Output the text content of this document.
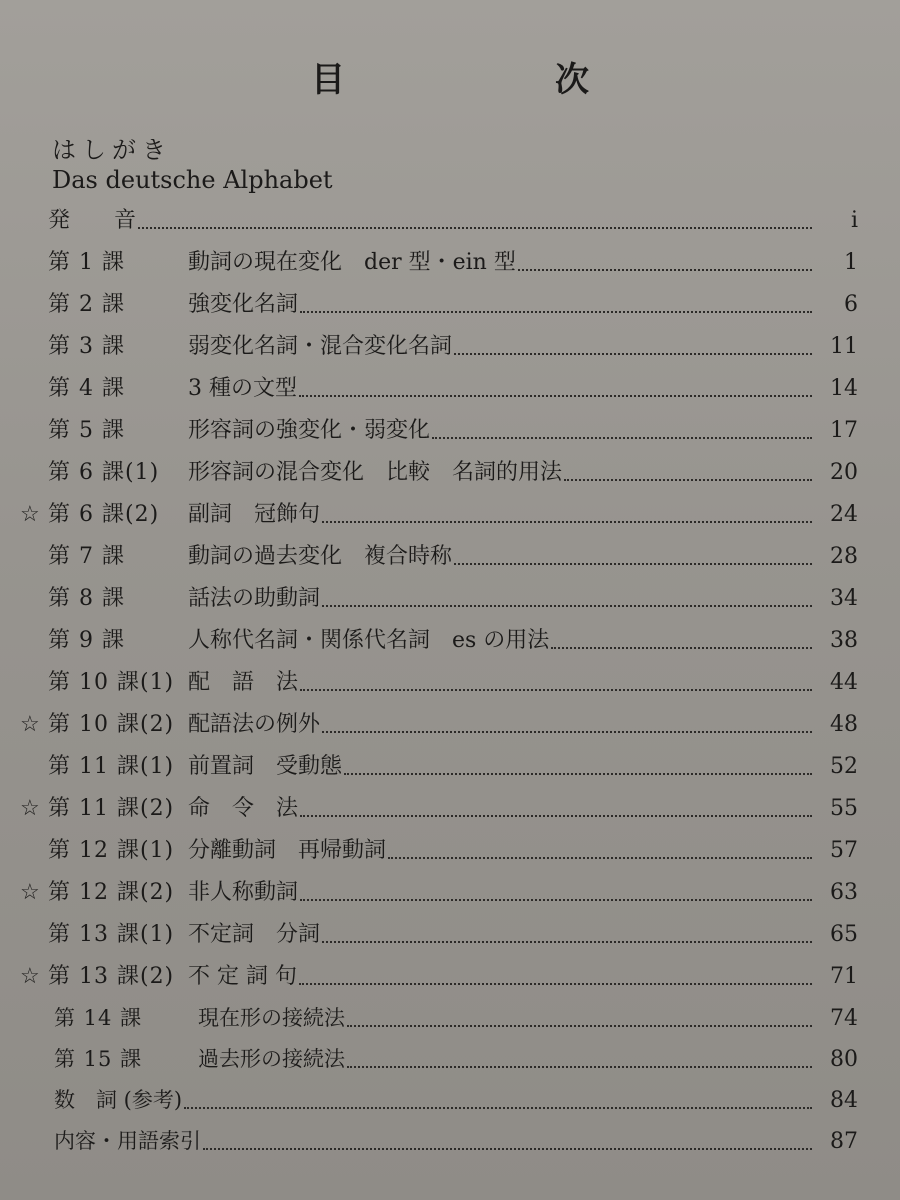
目　次
はしがき
Das deutsche Alphabet
発　　音	i
第 1 課	動詞の現在変化　der 型・ein 型	1
第 2 課	強変化名詞	6
第 3 課	弱変化名詞・混合変化名詞	11
第 4 課	3 種の文型	14
第 5 課	形容詞の強変化・弱変化	17
第 6 課(1)	形容詞の混合変化　比較　名詞的用法	20
☆ 第 6 課(2)	副詞　冠飾句	24
第 7 課	動詞の過去変化　複合時称	28
第 8 課	話法の助動詞	34
第 9 課	人称代名詞・関係代名詞　es の用法	38
第 10 課(1) 配　語　法	44
☆ 第 10 課(2) 配語法の例外	48
第 11 課(1) 前置詞　受動態	52
☆ 第 11 課(2) 命　令　法	55
第 12 課(1) 分離動詞　再帰動詞	57
☆ 第 12 課(2) 非人称動詞	63
第 13 課(1) 不定詞　分詞	65
☆ 第 13 課(2) 不 定 詞 句	71
第 14 課	現在形の接続法	74
第 15 課	過去形の接続法	80
数　詞 (参考)	84
内容・用語索引	87
